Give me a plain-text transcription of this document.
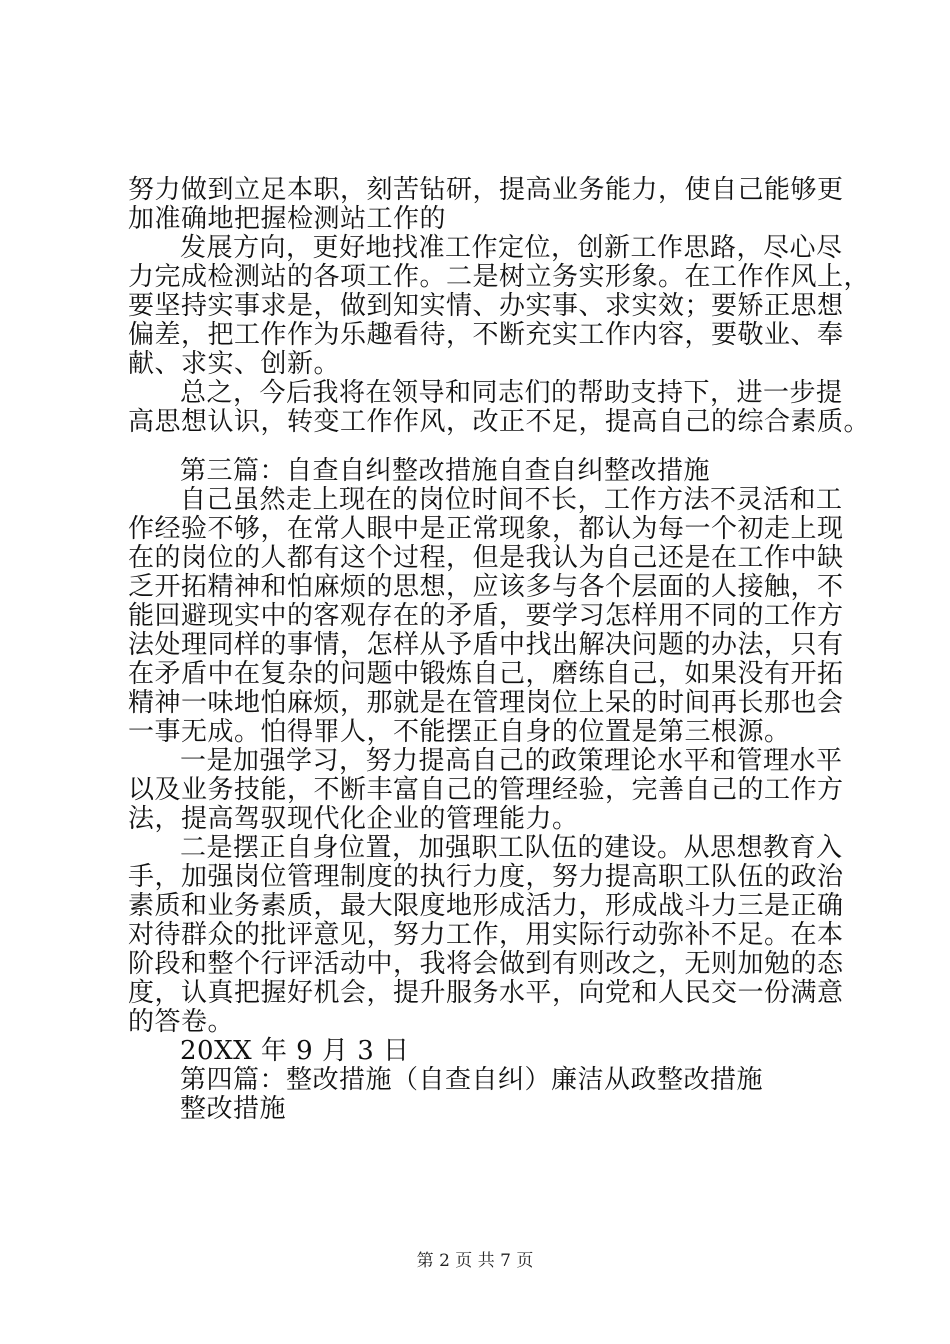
努力做到立足本职，刻苦钻研，提高业务能力，使自己能够更
加准确地把握检测站工作的
发展方向，更好地找准工作定位，创新工作思路，尽心尽
力完成检测站的各项工作。二是树立务实形象。在工作作风上，
要坚持实事求是，做到知实情、办实事、求实效；要矫正思想
偏差，把工作作为乐趣看待，不断充实工作内容，要敬业、奉
献、求实、创新。
总之，今后我将在领导和同志们的帮助支持下，进一步提
高思想认识，转变工作作风，改正不足，提高自己的综合素质。
第三篇：自查自纠整改措施自查自纠整改措施
自己虽然走上现在的岗位时间不长，工作方法不灵活和工
作经验不够，在常人眼中是正常现象，都认为每一个初走上现
在的岗位的人都有这个过程，但是我认为自己还是在工作中缺
乏开拓精神和怕麻烦的思想，应该多与各个层面的人接触，不
能回避现实中的客观存在的矛盾，要学习怎样用不同的工作方
法处理同样的事情，怎样从予盾中找出解决问题的办法，只有
在矛盾中在复杂的问题中锻炼自己，磨练自己，如果没有开拓
精神一味地怕麻烦，那就是在管理岗位上呆的时间再长那也会
一事无成。怕得罪人，不能摆正自身的位置是第三根源。
一是加强学习，努力提高自己的政策理论水平和管理水平
以及业务技能，不断丰富自己的管理经验，完善自己的工作方
法，提高驾驭现代化企业的管理能力。
二是摆正自身位置，加强职工队伍的建设。从思想教育入
手，加强岗位管理制度的执行力度，努力提高职工队伍的政治
素质和业务素质，最大限度地形成活力，形成战斗力三是正确
对待群众的批评意见，努力工作，用实际行动弥补不足。在本
阶段和整个行评活动中，我将会做到有则改之，无则加勉的态
度，认真把握好机会，提升服务水平，向党和人民交一份满意
的答卷。
20XX 年 9 月 3 日
第四篇：整改措施（自查自纠）廉洁从政整改措施
整改措施
第 2 页 共 7 页
